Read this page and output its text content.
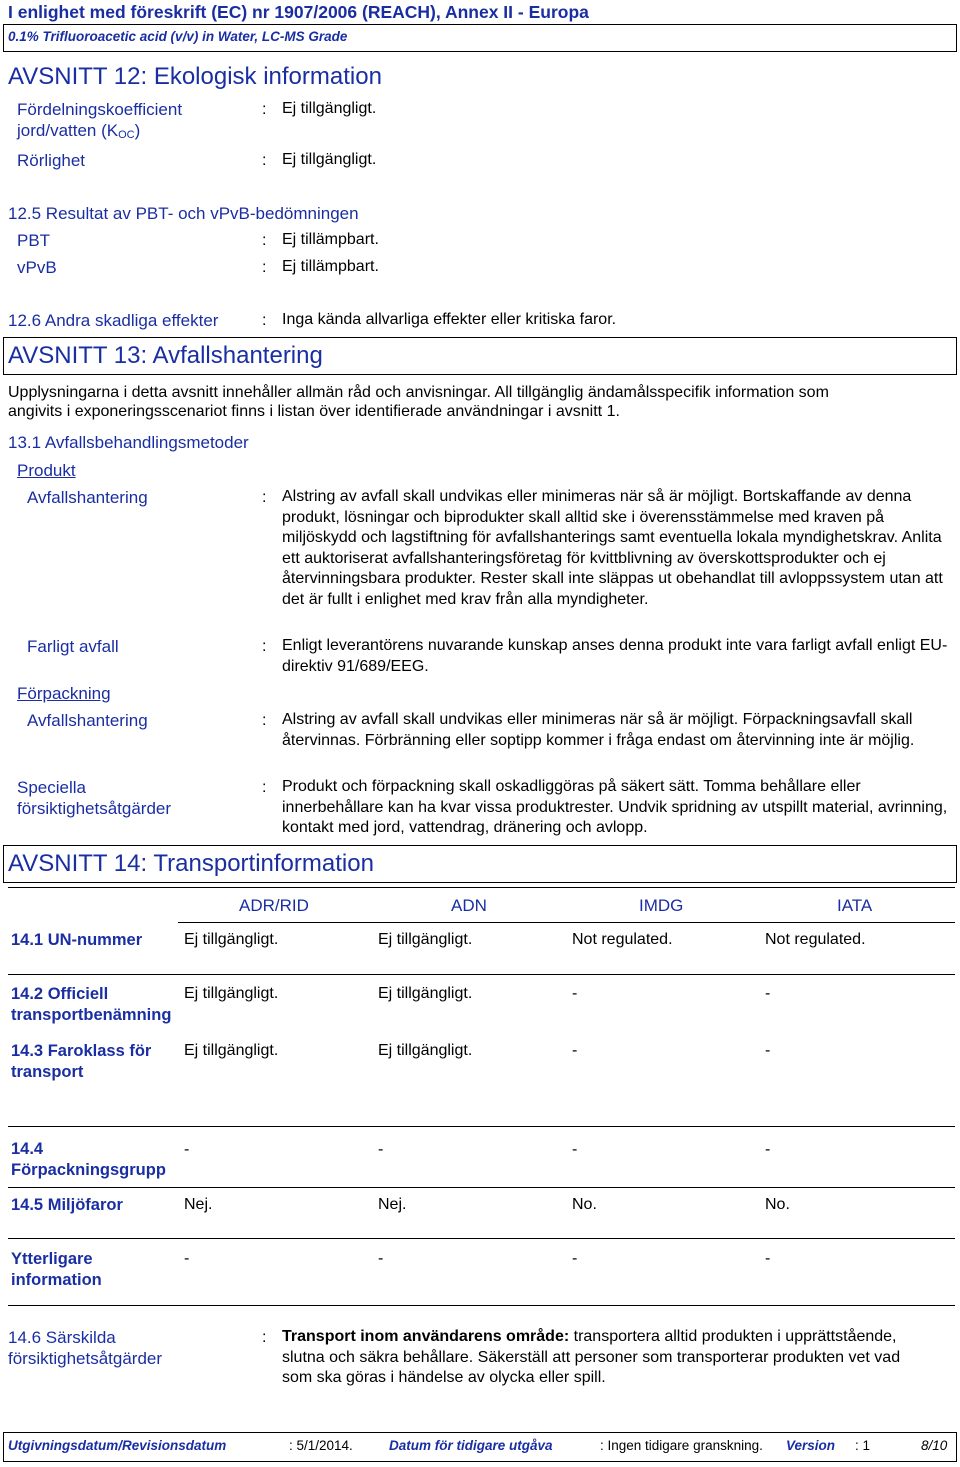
I enlighet med föreskrift (EC) nr 1907/2006 (REACH), Annex II - Europa
0.1% Trifluoroacetic acid (v/v) in Water, LC-MS Grade
AVSNITT 12: Ekologisk information
Fördelningskoefficient
jord/vatten $(K_{OC})$
: Ej tillgängligt.
Rörlighet	: Ej tillgängligt.
12.5 Resultat av PBT- och vPvB-bedömningen
PBT	: Ej tillämpbart.
vPvB	: Ej tillämpbart.
12.6 Andra skadliga effekter	: Inga kända allvarliga effekter eller kritiska faror.
AVSNITT 13: Avfallshantering
Upplysningarna i detta avsnitt innehåller allmän råd och anvisningar. All tillgänglig ändamålsspecifik information som
angivits i exponeringsscenariot finns i listan över identifierade användningar i avsnitt 1.
13.1 Avfallsbehandlingsmetoder
Produkt
Avfallshantering	: Alstring av avfall skall undvikas eller minimeras när så är möjligt. Bortskaffande av denna produkt, lösningar och biprodukter skall alltid ske i överensstämmelse med kraven på miljöskydd och lagstiftning för avfallshanterings samt eventuella lokala myndighetskrav. Anlita ett auktoriserat avfallshanteringsföretag för kvittblivning av överskottsprodukter och ej återvinningsbara produkter. Rester skall inte släppas ut obehandlat till avloppssystem utan att det är fullt i enlighet med krav från alla myndigheter.
Farligt avfall	: Enligt leverantörens nuvarande kunskap anses denna produkt inte vara farligt avfall enligt EU-direktiv 91/689/EEG.
Förpackning
Avfallshantering	: Alstring av avfall skall undvikas eller minimeras när så är möjligt. Förpackningsavfall skall återvinnas. Förbränning eller soptipp kommer i fråga endast om återvinning inte är möjlig.
Speciella
försiktighetsåtgärder
: Produkt och förpackning skall oskadliggöras på säkert sätt. Tomma behållare eller innerbehållare kan ha kvar vissa produktrester. Undvik spridning av utspillt material, avrinning, kontakt med jord, vattendrag, dränering och avlopp.
AVSNITT 14: Transportinformation
ADR/RID	ADN	IMDG	IATA
14.1 UN-nummer	Ej tillgängligt.	Ej tillgängligt.	Not regulated.	Not regulated.
14.2 Officiell
transportbenämning
Ej tillgängligt.	Ej tillgängligt.	-	-
14.3 Faroklass för
transport
Ej tillgängligt.	Ej tillgängligt.	-	-
14.4
Förpackningsgrupp
-	-	-	-
14.5 Miljöfaror	Nej.	Nej.	No.	No.
Ytterligare
information
-	-	-	-
14.6 Särskilda
försiktighetsåtgärder
: Transport inom användarens område: transportera alltid produkten i upprättstående, slutna och säkra behållare. Säkerställ att personer som transporterar produkten vet vad som ska göras i händelse av olycka eller spill.
Utgivningsdatum/Revisionsdatum	: 5/1/2014.	Datum för tidigare utgåva	: Ingen tidigare granskning. Version : 1	8/10
